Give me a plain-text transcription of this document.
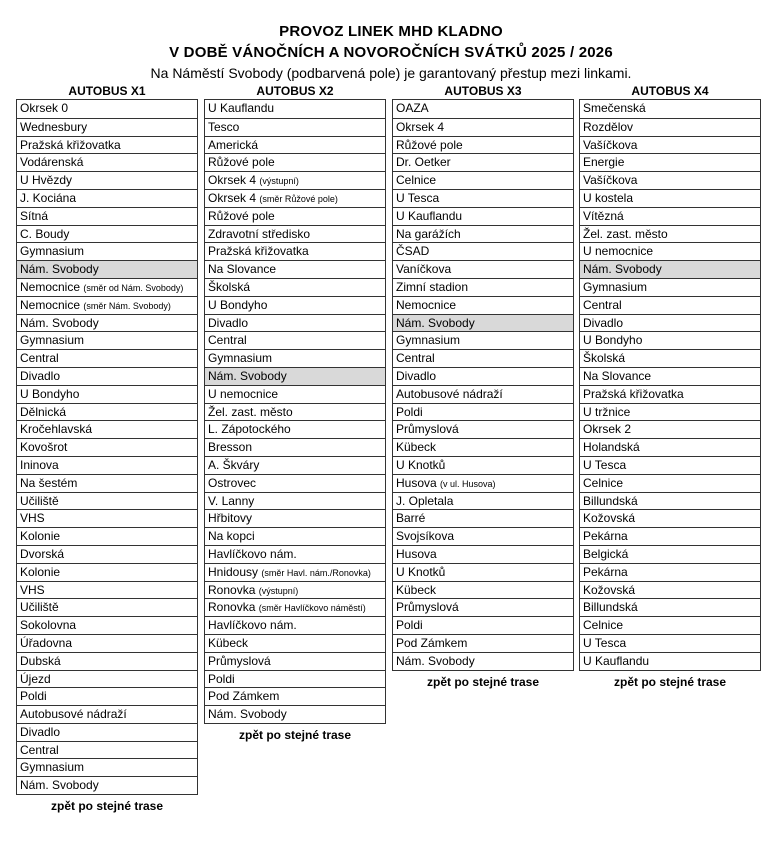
PROVOZ LINEK MHD KLADNO
V DOBĚ VÁNOČNÍCH A NOVOROČNÍCH SVÁTKŮ 2025 / 2026
Na Náměstí Svobody (podbarvená pole) je garantovaný přestup mezi linkami.
AUTOBUS X1
Okrsek 0
Wednesbury
Pražská křižovatka
Vodárenská
U Hvězdy
J. Kociána
Sítná
C. Boudy
Gymnasium
Nám. Svobody
Nemocnice (směr od Nám. Svobody)
Nemocnice (směr Nám. Svobody)
Nám. Svobody
Gymnasium
Central
Divadlo
U Bondyho
Dělnická
Kročehlavská
Kovošrot
Ininova
Na šestém
Učiliště
VHS
Kolonie
Dvorská
Kolonie
VHS
Učiliště
Sokolovna
Úřadovna
Dubská
Újezd
Poldi
Autobusové nádraží
Divadlo
Central
Gymnasium
Nám. Svobody
zpět po stejné trase
AUTOBUS X2
U Kauflandu
Tesco
Americká
Růžové pole
Okrsek 4 (výstupní)
Okrsek 4 (směr Růžové pole)
Růžové pole
Zdravotní středisko
Pražská křižovatka
Na Slovance
Školská
U Bondyho
Divadlo
Central
Gymnasium
Nám. Svobody
U nemocnice
Žel. zast. město
L. Zápotockého
Bresson
A. Škváry
Ostrovec
V. Lanny
Hřbitovy
Na kopci
Havlíčkovo nám.
Hnidousy (směr Havl. nám./Ronovka)
Ronovka (výstupní)
Ronovka (směr Havlíčkovo náměstí)
Havlíčkovo nám.
Kübeck
Průmyslová
Poldi
Pod Zámkem
Nám. Svobody
zpět po stejné trase
AUTOBUS X3
OAZA
Okrsek 4
Růžové pole
Dr. Oetker
Celnice
U Tesca
U Kauflandu
Na garážích
ČSAD
Vaníčkova
Zimní stadion
Nemocnice
Nám. Svobody
Gymnasium
Central
Divadlo
Autobusové nádraží
Poldi
Průmyslová
Kübeck
U Knotků
Husova (v ul. Husova)
J. Opletala
Barré
Svojsíkova
Husova
U Knotků
Kübeck
Průmyslová
Poldi
Pod Zámkem
Nám. Svobody
zpět po stejné trase
AUTOBUS X4
Smečenská
Rozdělov
Vašíčkova
Energie
Vašíčkova
U kostela
Vítězná
Žel. zast. město
U nemocnice
Nám. Svobody
Gymnasium
Central
Divadlo
U Bondyho
Školská
Na Slovance
Pražská křižovatka
U tržnice
Okrsek 2
Holandská
U Tesca
Celnice
Billundská
Kožovská
Pekárna
Belgická
Pekárna
Kožovská
Billundská
Celnice
U Tesca
U Kauflandu
zpět po stejné trase
